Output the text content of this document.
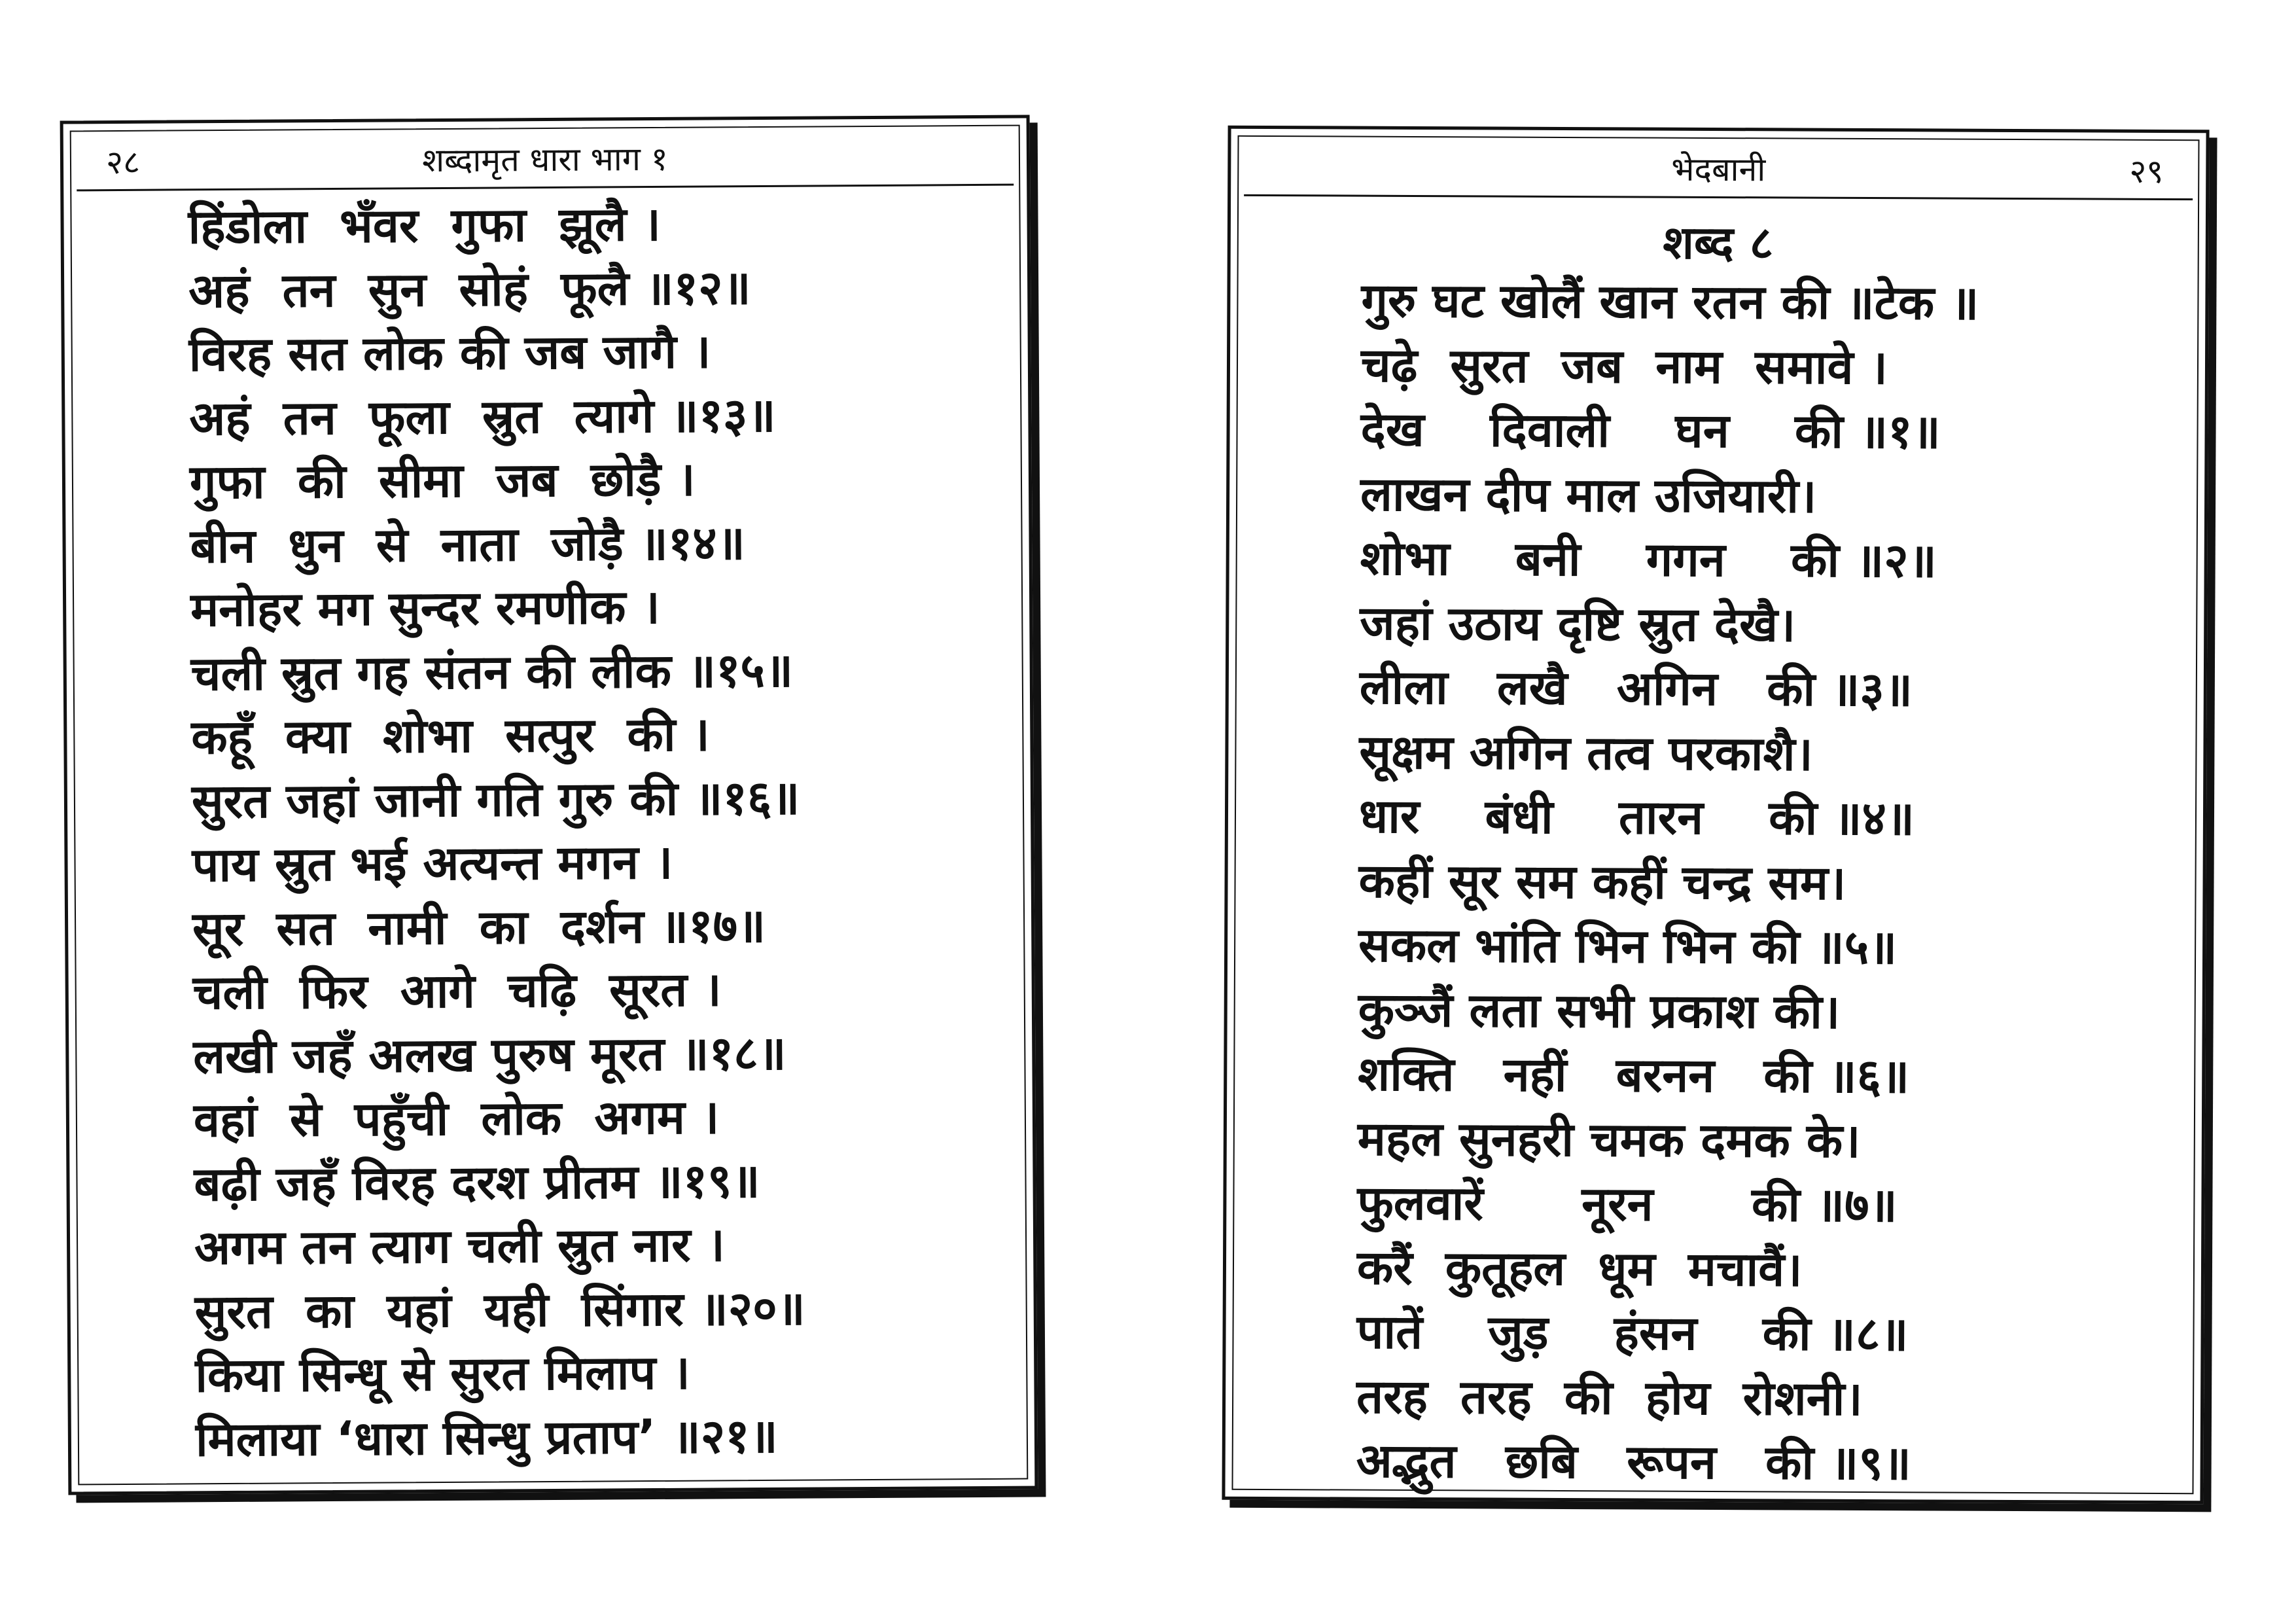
२८	शब्दामृत धारा भाग १
हिंडोला  भँवर  गुफा  झूलै ।
अहं  तन  सुन  सोहं  फूलै ॥१२॥
विरह सत लोक की जब जागै ।
अहं  तन  फूला  स्रुत  त्यागे ॥१३॥
गुफा  की  सीमा  जब  छोड़ै ।
बीन  धुन  से  नाता  जोड़ै ॥१४॥
मनोहर मग सुन्दर रमणीक ।
चली स्रुत गह संतन की लीक ॥१५॥
कहूँ  क्या  शोभा  सत्पुर  की ।
सुरत जहां जानी गति गुरु की ॥१६॥
पाय स्रुत भई अत्यन्त मगन ।
सूर  सत  नामी  का  दर्शन ॥१७॥
चली  फिर  आगे  चढ़ि  सूरत ।
लखी जहँ अलख पुरुष मूरत ॥१८॥
वहां  से  पहुँची  लोक  अगम ।
बढ़ी जहँ विरह दरश प्रीतम ॥१९॥
अगम तन त्याग चली स्रुत नार ।
सुरत  का  यहां  यही  सिंगार ॥२०॥
किया सिन्धू से सुरत मिलाप ।
मिलाया ‘धारा सिन्धु प्रताप’ ॥२१॥
भेदबानी	२९
शब्द ८
गुरु घट खोलैं खान रतन की ॥टेक ॥
चढ़े  सुरत  जब  नाम  समावे ।
देख    दिवाली    घन    की ॥१॥
लाखन दीप माल उजियारी।
शोभा    बनी    गगन    की ॥२॥
जहां उठाय दृष्टि स्रुत देखै।
लीला   लखै   अगिन   की ॥३॥
सूक्षम अगिन तत्व परकाशै।
धार    बंधी    तारन    की ॥४॥
कहीं सूर सम कहीं चन्द्र सम।
सकल भांति भिन भिन की ॥५॥
कुञ्जैं लता सभी प्रकाश की।
शक्ति   नहीं   बरनन   की ॥६॥
महल सुनहरी चमक दमक के।
फुलवारें      नूरन      की ॥७॥
करैं  कुतूहल  धूम  मचावैं।
पातें    जुड़    हंसन    की ॥८॥
तरह  तरह  की  होय  रोशनी।
अद्भुत   छबि   रूपन   की ॥९॥
